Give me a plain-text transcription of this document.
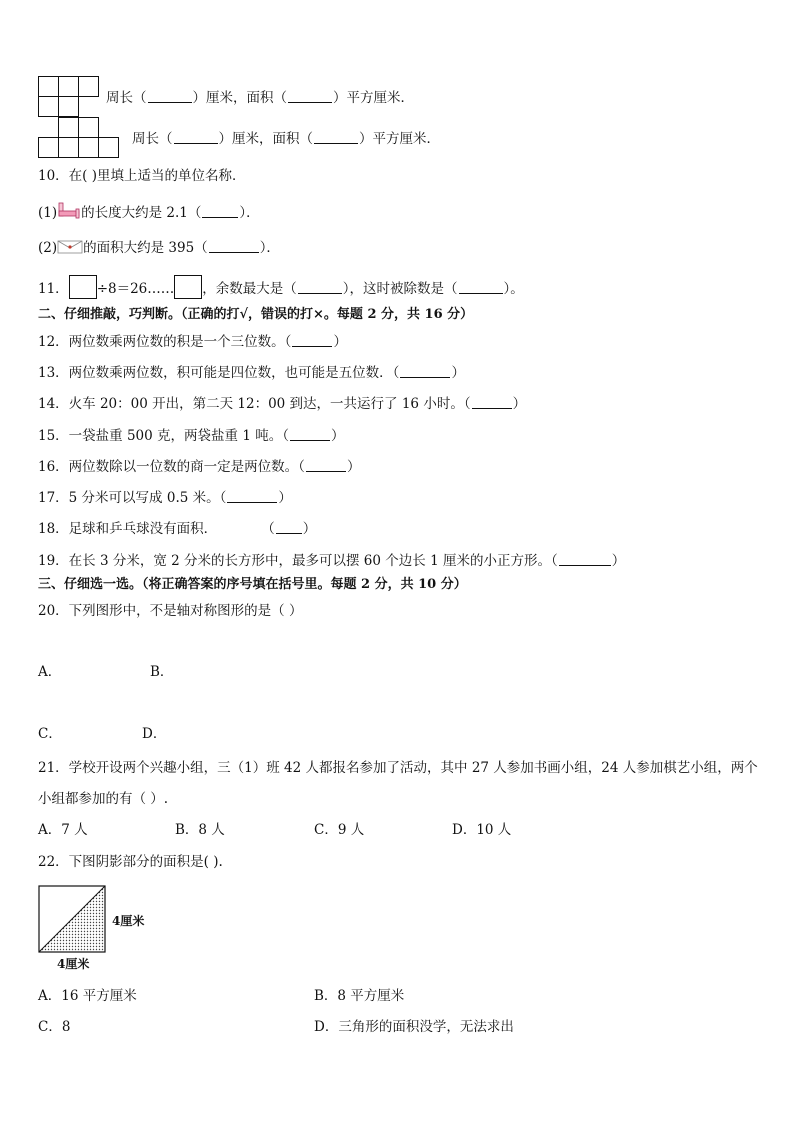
周长（	）厘米，面积（	）平方厘米．
周长（	）厘米，面积（	）平方厘米．
10．在( )里填上适当的单位名称．
(1) 的长度大约是 2.1（	）．
(2) 的面积大约是 395（	）．
11． ÷8＝26…… ，余数最大是（	），这时被除数是（	）。
二、仔细推敲，巧判断。（正确的打√，错误的打×。每题 2 分，共 16 分）
12．两位数乘两位数的积是一个三位数。（	）
13．两位数乘两位数，积可能是四位数，也可能是五位数．（	）
14．火车 20：00 开出，第二天 12：00 到达，一共运行了 16 小时。（	）
15．一袋盐重 500 克，两袋盐重 1 吨。（	）
16．两位数除以一位数的商一定是两位数。（	）
17．5 分米可以写成 0.5 米。（	）
18．足球和乒乓球没有面积．	（ ）
19．在长 3 分米，宽 2 分米的长方形中，最多可以摆 60 个边长 1 厘米的小正方形。（	）
三、仔细选一选。（将正确答案的序号填在括号里。每题 2 分，共 10 分）
20．下列图形中，不是轴对称图形的是（ ）
A．	B．
C．	D．
21．学校开设两个兴趣小组，三（1）班 42 人都报名参加了活动，其中 27 人参加书画小组，24 人参加棋艺小组，两个
小组都参加的有（ ）.
A．7 人	B．8 人	C．9 人	D．10 人
22．下图阴影部分的面积是( ).
4厘米
4厘米
A．16 平方厘米	B．8 平方厘米
C．8	D．三角形的面积没学，无法求出
